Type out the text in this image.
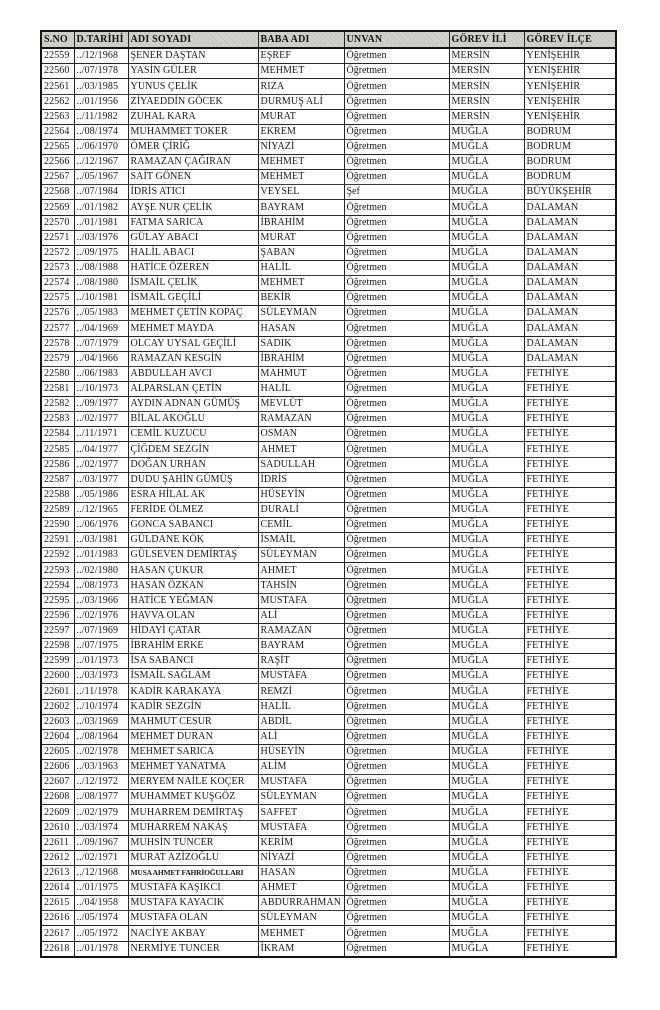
S.NO	D.TARİHİ	ADI SOYADI	BABA ADI	UNVAN	GÖREV İLİ	GÖREV İLÇE
22559	../12/1968	ŞENER DAŞTAN	EŞREF	Öğretmen	MERSİN	YENİŞEHİR
22560	../07/1978	YASİN GÜLER	MEHMET	Öğretmen	MERSİN	YENİŞEHİR
22561	../03/1985	YUNUS ÇELİK	RIZA	Öğretmen	MERSİN	YENİŞEHİR
22562	../01/1956	ZİYAEDDİN GÖCEK	DURMUŞ ALİ	Öğretmen	MERSİN	YENİŞEHİR
22563	../11/1982	ZUHAL KARA	MURAT	Öğretmen	MERSİN	YENİŞEHİR
22564	../08/1974	MUHAMMET TOKER	EKREM	Öğretmen	MUĞLA	BODRUM
22565	../06/1970	ÖMER ÇİRİĞ	NİYAZİ	Öğretmen	MUĞLA	BODRUM
22566	../12/1967	RAMAZAN ÇAĞIRAN	MEHMET	Öğretmen	MUĞLA	BODRUM
22567	../05/1967	SAİT GÖNEN	MEHMET	Öğretmen	MUĞLA	BODRUM
22568	../07/1984	İDRİS ATICI	VEYSEL	Şef	MUĞLA	BÜYÜKŞEHİR
22569	../01/1982	AYŞE NUR ÇELİK	BAYRAM	Öğretmen	MUĞLA	DALAMAN
22570	../01/1981	FATMA SARICA	İBRAHİM	Öğretmen	MUĞLA	DALAMAN
22571	../03/1976	GÜLAY ABACI	MURAT	Öğretmen	MUĞLA	DALAMAN
22572	../09/1975	HALİL ABACI	ŞABAN	Öğretmen	MUĞLA	DALAMAN
22573	../08/1988	HATİCE ÖZEREN	HALİL	Öğretmen	MUĞLA	DALAMAN
22574	../08/1980	İSMAİL ÇELİK	MEHMET	Öğretmen	MUĞLA	DALAMAN
22575	../10/1981	İSMAİL GEÇİLİ	BEKİR	Öğretmen	MUĞLA	DALAMAN
22576	../05/1983	MEHMET ÇETİN KOPAÇ	SÜLEYMAN	Öğretmen	MUĞLA	DALAMAN
22577	../04/1969	MEHMET MAYDA	HASAN	Öğretmen	MUĞLA	DALAMAN
22578	../07/1979	OLCAY UYSAL GEÇİLİ	SADIK	Öğretmen	MUĞLA	DALAMAN
22579	../04/1966	RAMAZAN KESGİN	İBRAHİM	Öğretmen	MUĞLA	DALAMAN
22580	../06/1983	ABDULLAH AVCI	MAHMUT	Öğretmen	MUĞLA	FETHİYE
22581	../10/1973	ALPARSLAN ÇETİN	HALİL	Öğretmen	MUĞLA	FETHİYE
22582	../09/1977	AYDIN ADNAN GÜMÜŞ	MEVLÜT	Öğretmen	MUĞLA	FETHİYE
22583	../02/1977	BİLAL AKOĞLU	RAMAZAN	Öğretmen	MUĞLA	FETHİYE
22584	../11/1971	CEMİL KUZUCU	OSMAN	Öğretmen	MUĞLA	FETHİYE
22585	../04/1977	ÇİĞDEM SEZGİN	AHMET	Öğretmen	MUĞLA	FETHİYE
22586	../02/1977	DOĞAN URHAN	SADULLAH	Öğretmen	MUĞLA	FETHİYE
22587	../03/1977	DUDU ŞAHİN GÜMÜŞ	İDRİS	Öğretmen	MUĞLA	FETHİYE
22588	../05/1986	ESRA HİLAL AK	HÜSEYİN	Öğretmen	MUĞLA	FETHİYE
22589	../12/1965	FERİDE ÖLMEZ	DURALİ	Öğretmen	MUĞLA	FETHİYE
22590	../06/1976	GONCA SABANCI	CEMİL	Öğretmen	MUĞLA	FETHİYE
22591	../03/1981	GÜLDANE KÖK	İSMAİL	Öğretmen	MUĞLA	FETHİYE
22592	../01/1983	GÜLSEVEN DEMİRTAŞ	SÜLEYMAN	Öğretmen	MUĞLA	FETHİYE
22593	../02/1980	HASAN ÇUKUR	AHMET	Öğretmen	MUĞLA	FETHİYE
22594	../08/1973	HASAN ÖZKAN	TAHSİN	Öğretmen	MUĞLA	FETHİYE
22595	../03/1966	HATİCE YEĞMAN	MUSTAFA	Öğretmen	MUĞLA	FETHİYE
22596	../02/1976	HAVVA OLAN	ALİ	Öğretmen	MUĞLA	FETHİYE
22597	../07/1969	HİDAYİ ÇATAR	RAMAZAN	Öğretmen	MUĞLA	FETHİYE
22598	../07/1975	İBRAHİM ERKE	BAYRAM	Öğretmen	MUĞLA	FETHİYE
22599	../01/1973	İSA SABANCI	RAŞİT	Öğretmen	MUĞLA	FETHİYE
22600	../03/1973	İSMAİL SAĞLAM	MUSTAFA	Öğretmen	MUĞLA	FETHİYE
22601	../11/1978	KADİR KARAKAYA	REMZİ	Öğretmen	MUĞLA	FETHİYE
22602	../10/1974	KADİR SEZGİN	HALİL	Öğretmen	MUĞLA	FETHİYE
22603	../03/1969	MAHMUT CESUR	ABDİL	Öğretmen	MUĞLA	FETHİYE
22604	../08/1964	MEHMET DURAN	ALİ	Öğretmen	MUĞLA	FETHİYE
22605	../02/1978	MEHMET SARICA	HÜSEYİN	Öğretmen	MUĞLA	FETHİYE
22606	../03/1963	MEHMET YANATMA	ALİM	Öğretmen	MUĞLA	FETHİYE
22607	../12/1972	MERYEM NAİLE KOÇER	MUSTAFA	Öğretmen	MUĞLA	FETHİYE
22608	../08/1977	MUHAMMET KUŞGÖZ	SÜLEYMAN	Öğretmen	MUĞLA	FETHİYE
22609	../02/1979	MUHARREM DEMİRTAŞ	SAFFET	Öğretmen	MUĞLA	FETHİYE
22610	../03/1974	MUHARREM NAKAŞ	MUSTAFA	Öğretmen	MUĞLA	FETHİYE
22611	../09/1967	MUHSİN TUNCER	KERİM	Öğretmen	MUĞLA	FETHİYE
22612	../02/1971	MURAT AZİZOĞLU	NİYAZİ	Öğretmen	MUĞLA	FETHİYE
22613	../12/1968	MUSA AHMET FAHRİOĞULLARI	HASAN	Öğretmen	MUĞLA	FETHİYE
22614	../01/1975	MUSTAFA KAŞIKCI	AHMET	Öğretmen	MUĞLA	FETHİYE
22615	../04/1958	MUSTAFA KAYACIK	ABDURRAHMAN	Öğretmen	MUĞLA	FETHİYE
22616	../05/1974	MUSTAFA OLAN	SÜLEYMAN	Öğretmen	MUĞLA	FETHİYE
22617	../05/1972	NACİYE AKBAY	MEHMET	Öğretmen	MUĞLA	FETHİYE
22618	../01/1978	NERMİYE TUNCER	İKRAM	Öğretmen	MUĞLA	FETHİYE
